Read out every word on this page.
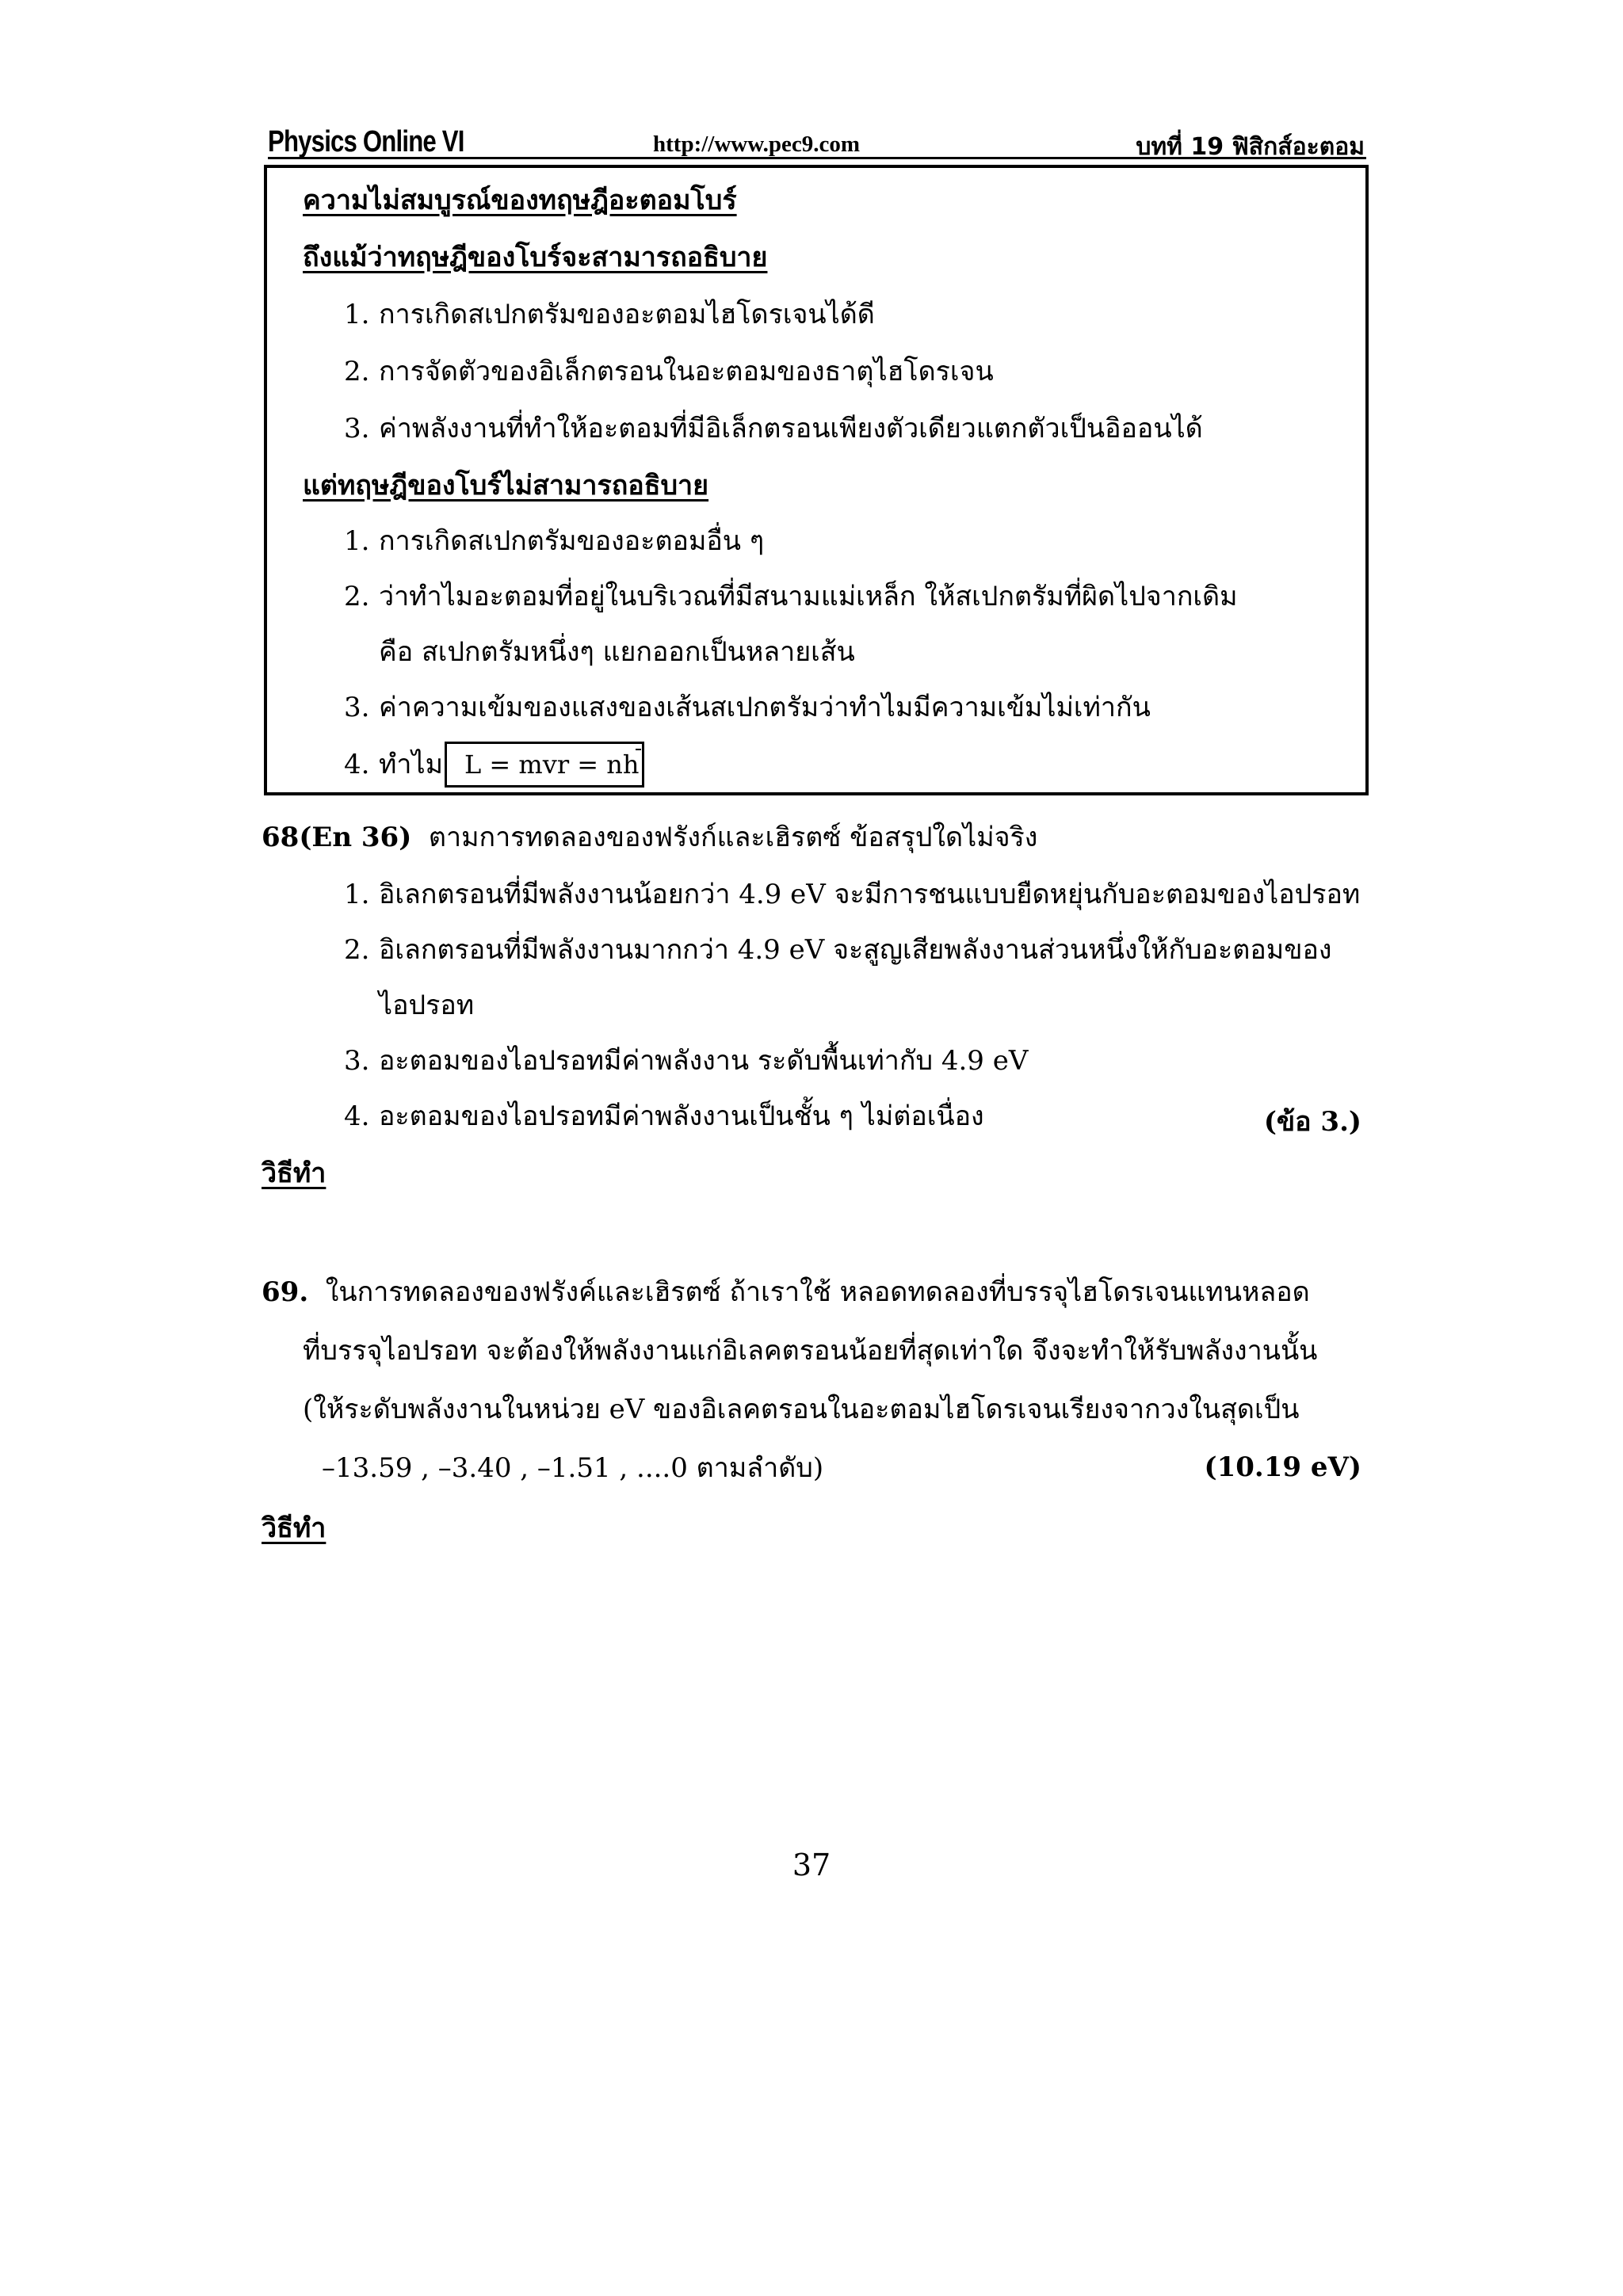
Physics Online VI	http://www.pec9.com	บทที่ 19 ฟิสิกส์อะตอม

ความไม่สมบูรณ์ของทฤษฎีอะตอมโบร์

ถึงแม้ว่าทฤษฎีของโบร์จะสามารถอธิบาย

1. การเกิดสเปกตรัมของอะตอมไฮโดรเจนได้ดี

2. การจัดตัวของอิเล็กตรอนในอะตอมของธาตุไฮโดรเจน

3. ค่าพลังงานที่ทำให้อะตอมที่มีอิเล็กตรอนเพียงตัวเดียวแตกตัวเป็นอิออนได้

แต่ทฤษฎีของโบร์ไม่สามารถอธิบาย

1. การเกิดสเปกตรัมของอะตอมอื่น ๆ

2. ว่าทำไมอะตอมที่อยู่ในบริเวณที่มีสนามแม่เหล็ก ให้สเปกตรัมที่ผิดไปจากเดิม

คือ สเปกตรัมหนึ่งๆ แยกออกเป็นหลายเส้น

3. ค่าความเข้มของแสงของเส้นสเปกตรัมว่าทำไมมีความเข้มไม่เท่ากัน

4. ทำไม L = mvr = nh

68(En 36) ตามการทดลองของฟรังก์และเฮิรตซ์ ข้อสรุปใดไม่จริง

1. อิเลกตรอนที่มีพลังงานน้อยกว่า 4.9 eV จะมีการชนแบบยืดหยุ่นกับอะตอมของไอปรอท

2. อิเลกตรอนที่มีพลังงานมากกว่า 4.9 eV จะสูญเสียพลังงานส่วนหนึ่งให้กับอะตอมของ

ไอปรอท

3. อะตอมของไอปรอทมีค่าพลังงาน ระดับพื้นเท่ากับ 4.9 eV

4. อะตอมของไอปรอทมีค่าพลังงานเป็นชั้น ๆ ไม่ต่อเนื่อง	(ข้อ 3.)

วิธีทำ

69. ในการทดลองของฟรังค์และเฮิรตซ์ ถ้าเราใช้ หลอดทดลองที่บรรจุไฮโดรเจนแทนหลอด

ที่บรรจุไอปรอท จะต้องให้พลังงานแก่อิเลคตรอนน้อยที่สุดเท่าใด จึงจะทำให้รับพลังงานนั้น

(ให้ระดับพลังงานในหน่วย eV ของอิเลคตรอนในอะตอมไฮโดรเจนเรียงจากวงในสุดเป็น

–13.59 , –3.40 , –1.51 , ....0 ตามลำดับ)	(10.19 eV)

วิธีทำ

37
